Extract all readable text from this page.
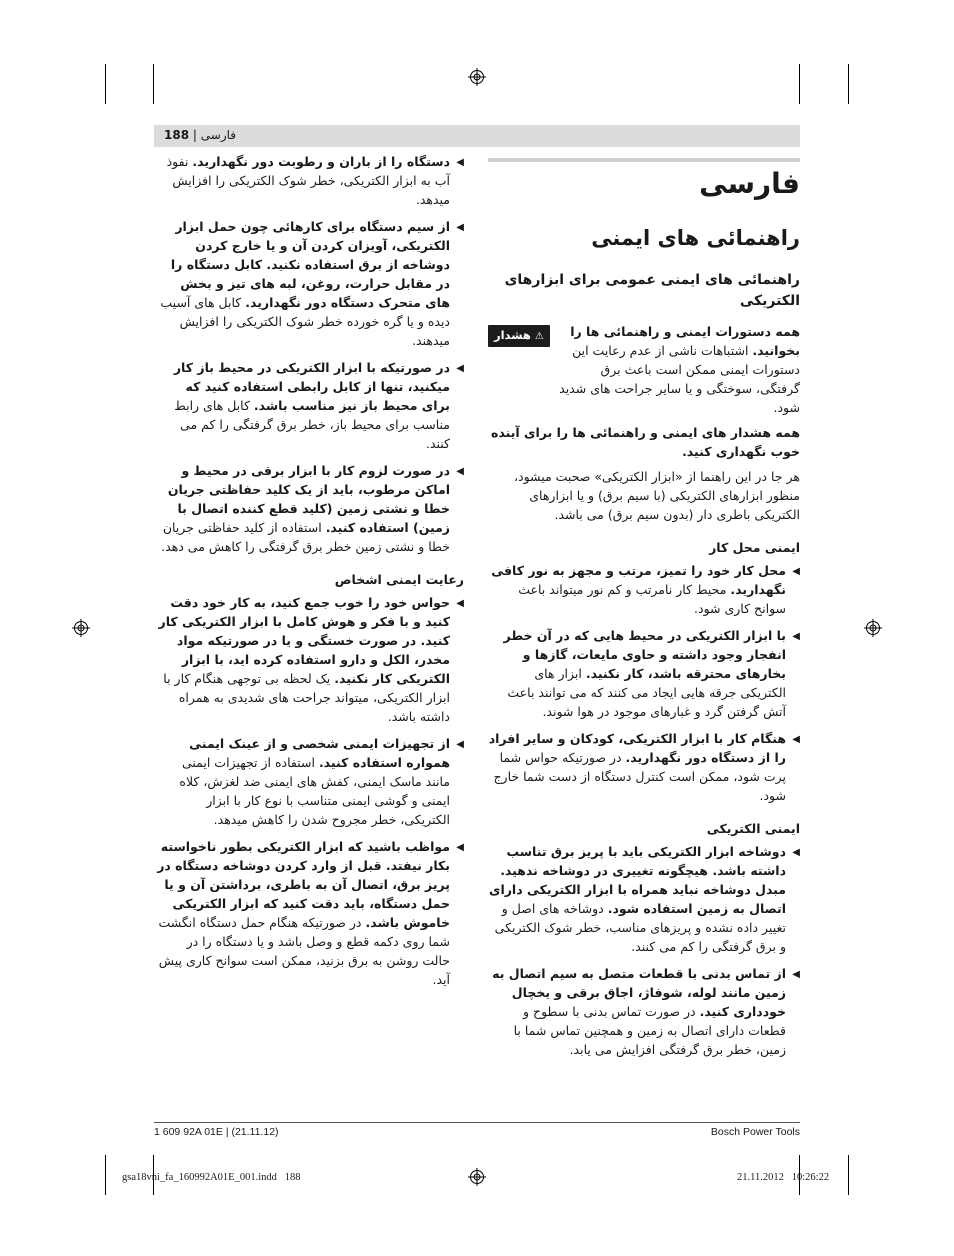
188 | فارسی
فارسی
راهنمائی های ایمنی
راهنمائی های ایمنی عمومی برای ابزارهای الکتریکی

همه دستورات ایمنی و راهنمائی ها را بخوانید. اشتباهات ناشی از عدم رعایت این دستورات ایمنی ممکن است باعث برق گرفتگی، سوختگی و یا سایر جراحت های شدید شود.

⚠ هشدار

همه هشدار های ایمنی و راهنمائی ها را برای آینده خوب نگهداری کنید.

هر جا در این راهنما از «ابزار الکتریکی» صحبت میشود، منظور ابزارهای الکتریکی (با سیم برق) و یا ابزارهای الکتریکی باطری دار (بدون سیم برق) می باشد.

ایمنی محل کار
◀
محل کار خود را تمیز، مرتب و مجهز به نور کافی نگهدارید. محیط کار نامرتب و کم نور میتواند باعث سوانح کاری شود.
◀
با ابزار الکتریکی در محیط هایی که در آن خطر انفجار وجود داشته و حاوی مایعات، گازها و بخارهای محترقه باشد، کار نکنید. ابزار های الکتریکی جرقه هایی ایجاد می کنند که می توانند باعث آتش گرفتن گرد و غبارهای موجود در هوا شوند.
◀
هنگام کار با ابزار الکتریکی، کودکان و سایر افراد را از دستگاه دور نگهدارید. در صورتیکه حواس شما پرت شود، ممکن است کنترل دستگاه از دست شما خارج شود.
ایمنی الکتریکی
◀
دوشاخه ابزار الکتریکی باید با پریز برق تناسب داشته باشد. هیچگونه تغییری در دوشاخه ندهید. مبدل دوشاخه نباید همراه با ابزار الکتریکی دارای اتصال به زمین استفاده شود. دوشاخه های اصل و تغییر داده نشده و پریزهای مناسب، خطر شوک الکتریکی و برق گرفتگی را کم می کنند.
◀
از تماس بدنی با قطعات متصل به سیم اتصال به زمین مانند لوله، شوفاژ، اجاق برقی و یخچال خودداری کنید. در صورت تماس بدنی با سطوح و قطعات دارای اتصال به زمین و همچنین تماس شما با زمین، خطر برق گرفتگی افزایش می یابد.
◀
دستگاه را از باران و رطوبت دور نگهدارید. نفوذ آب به ابزار الکتریکی، خطر شوک الکتریکی را افزایش میدهد.
◀
از سیم دستگاه برای کارهائی چون حمل ابزار الکتریکی، آویزان کردن آن و یا خارج کردن دوشاخه از برق استفاده نکنید. کابل دستگاه را در مقابل حرارت، روغن، لبه های تیز و بخش های متحرک دستگاه دور نگهدارید. کابل های آسیب دیده و یا گره خورده خطر شوک الکتریکی را افزایش میدهند.
◀
در صورتیکه با ابزار الکتریکی در محیط باز کار میکنید، تنها از کابل رابطی استفاده کنید که برای محیط باز نیز مناسب باشد. کابل های رابط مناسب برای محیط باز، خطر برق گرفتگی را کم می کنند.
◀
در صورت لزوم کار با ابزار برقی در محیط و اماکن مرطوب، باید از یک کلید حفاظتی جریان خطا و نشتی زمین (کلید قطع کننده اتصال با زمین) استفاده کنید. استفاده از کلید حفاظتی جریان خطا و نشتی زمین خطر برق گرفتگی را کاهش می دهد.
رعایت ایمنی اشخاص
◀
حواس خود را خوب جمع کنید، به کار خود دقت کنید و با فکر و هوش کامل با ابزار الکتریکی کار کنید. در صورت خستگی و یا در صورتیکه مواد مخدر، الکل و دارو استفاده کرده اید، با ابزار الکتریکی کار نکنید. یک لحظه بی توجهی هنگام کار با ابزار الکتریکی، میتواند جراحت های شدیدی به همراه داشته باشد.
◀
از تجهیزات ایمنی شخصی و از عینک ایمنی همواره استفاده کنید. استفاده از تجهیزات ایمنی مانند ماسک ایمنی، کفش های ایمنی ضد لغزش، کلاه ایمنی و گوشی ایمنی متناسب با نوع کار با ابزار الکتریکی، خطر مجروح شدن را کاهش میدهد.
◀
مواظب باشید که ابزار الکتریکی بطور ناخواسته بکار نیفتد. قبل از وارد کردن دوشاخه دستگاه در پریز برق، اتصال آن به باطری، برداشتن آن و یا حمل دستگاه، باید دقت کنید که ابزار الکتریکی خاموش باشد. در صورتیکه هنگام حمل دستگاه انگشت شما روی دکمه قطع و وصل باشد و یا دستگاه را در حالت روشن به برق بزنید، ممکن است سوانح کاری پیش آید.
1 609 92A 01E | (21.11.12)	Bosch Power Tools
gsa18vni_fa_160992A01E_001.indd   188	21.11.2012   10:26:22
